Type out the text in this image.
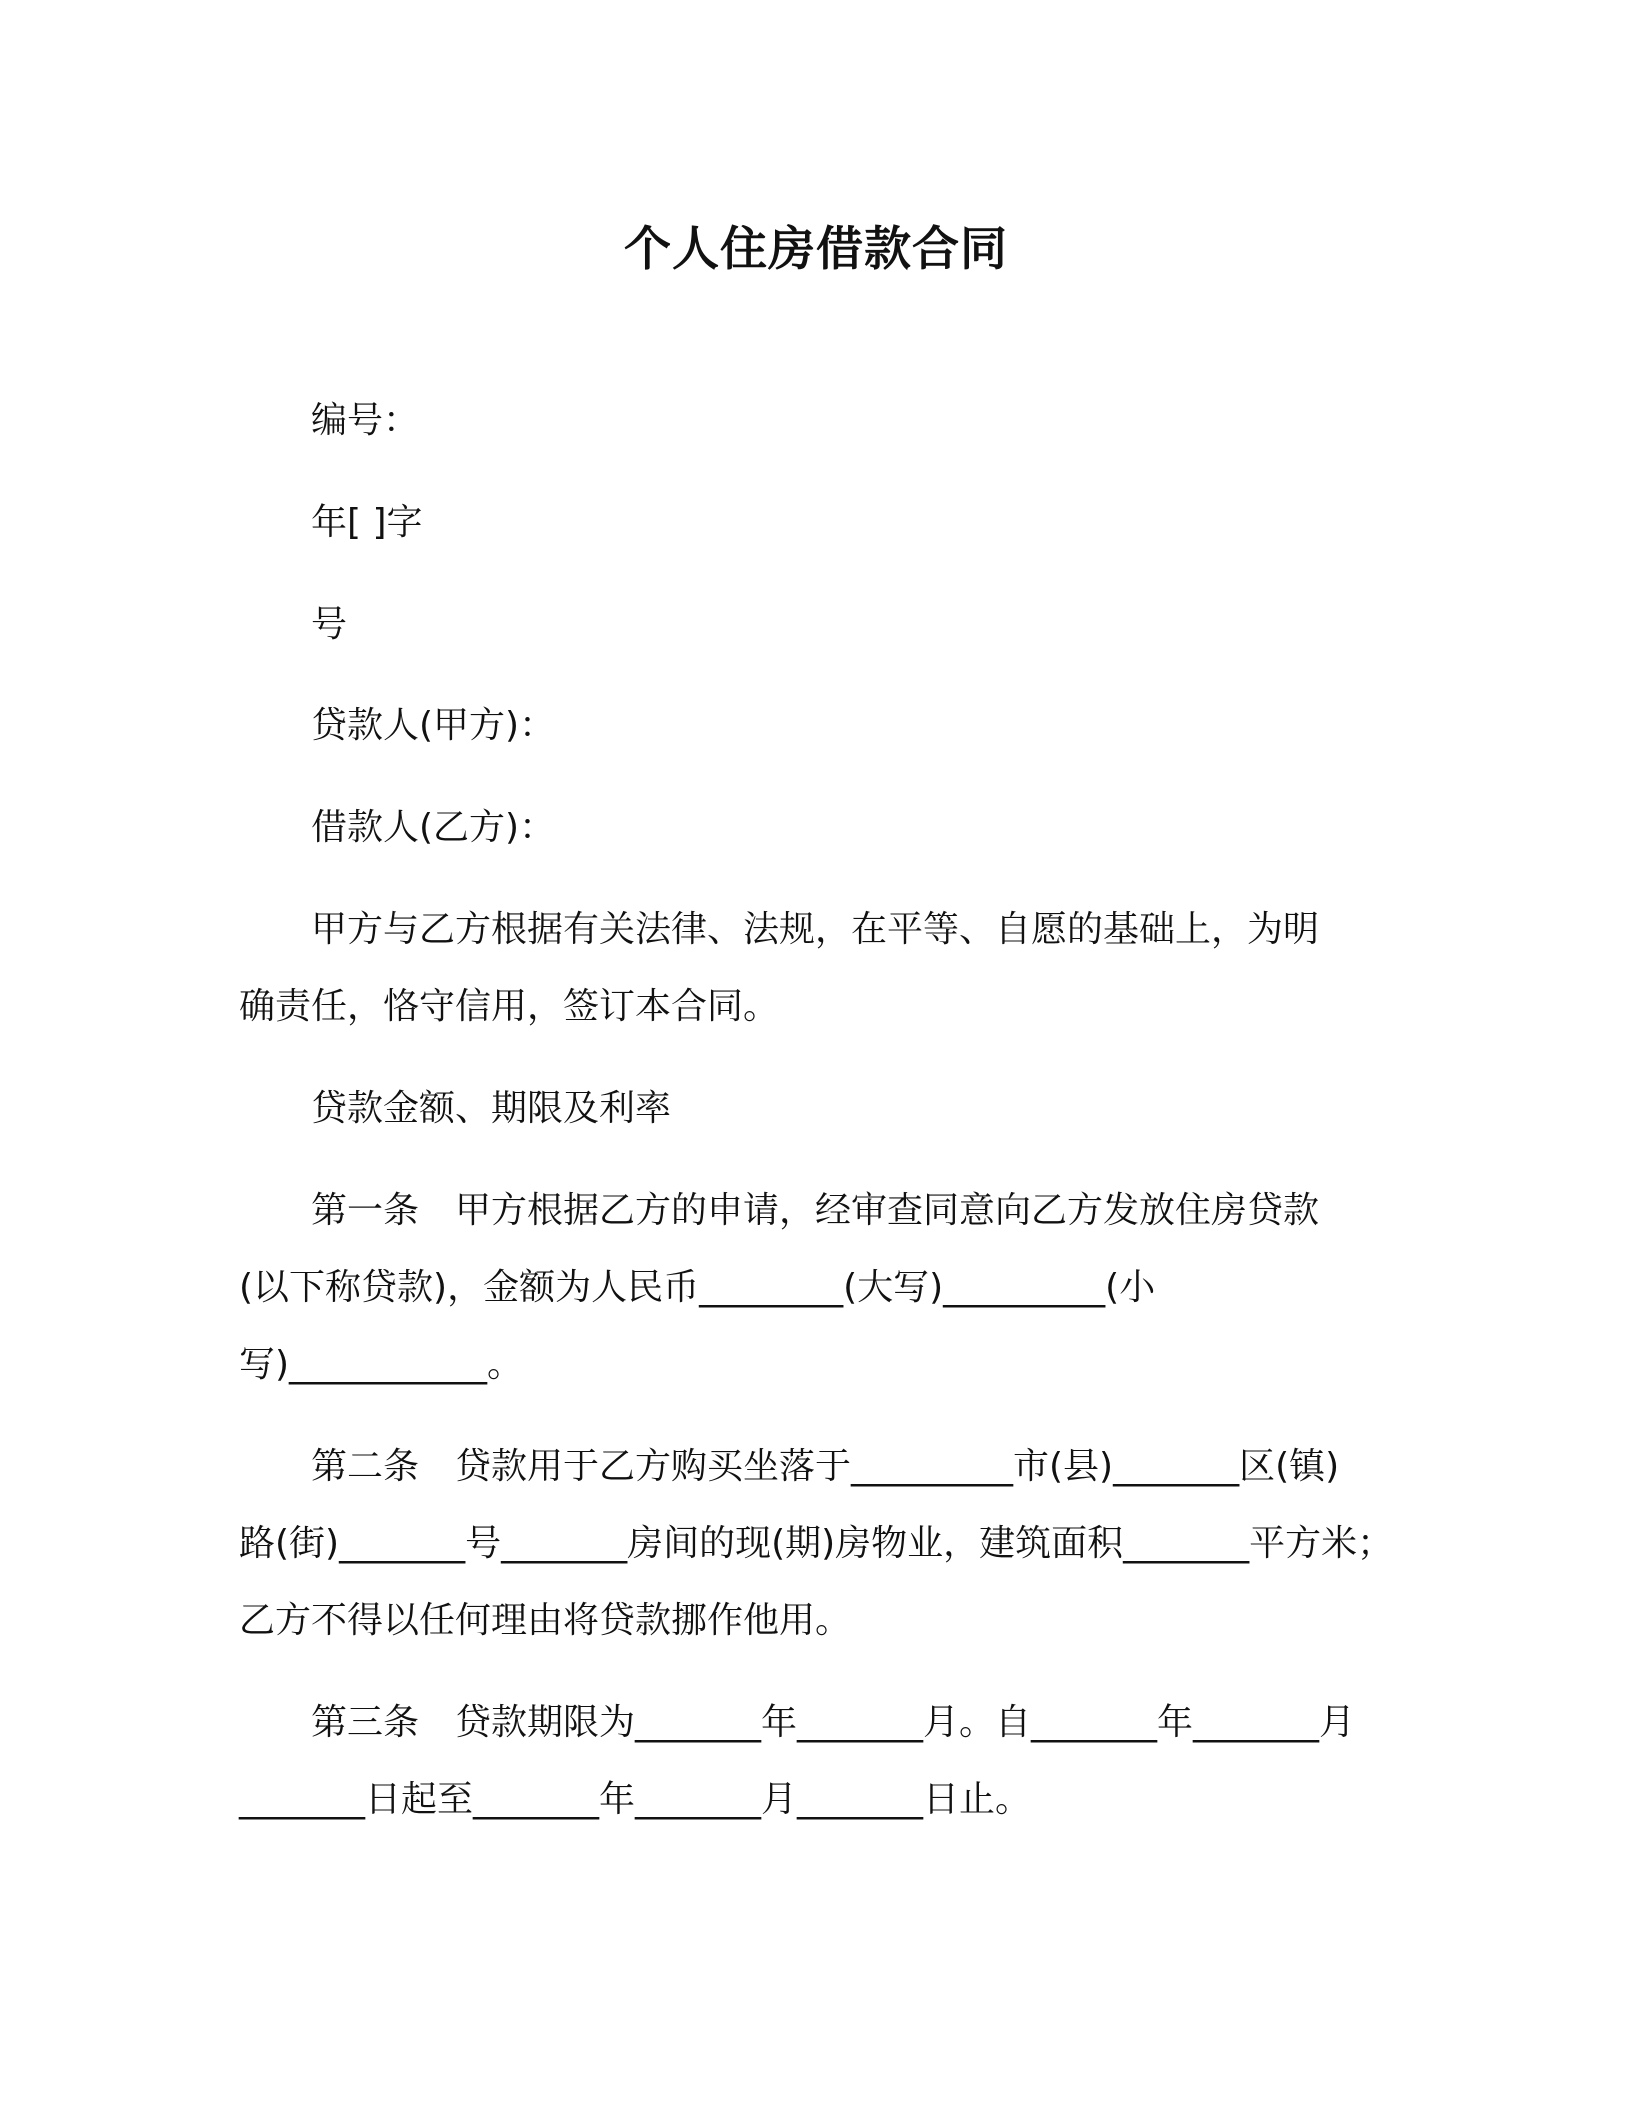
个人住房借款合同
编号：
年[ ]字
号
贷款人(甲方)：
借款人(乙方)：
甲方与乙方根据有关法律、法规，在平等、自愿的基础上，为明
确责任，恪守信用，签订本合同。
贷款金额、期限及利率
第一条　甲方根据乙方的申请，经审查同意向乙方发放住房贷款
(以下称贷款)，金额为人民币________(大写)_________(小
写)___________。
第二条　贷款用于乙方购买坐落于_________市(县)_______区(镇)
路(街)_______号_______房间的现(期)房物业，建筑面积_______平方米；
乙方不得以任何理由将贷款挪作他用。
第三条　贷款期限为_______年_______月。自_______年_______月
_______日起至_______年_______月_______日止。
